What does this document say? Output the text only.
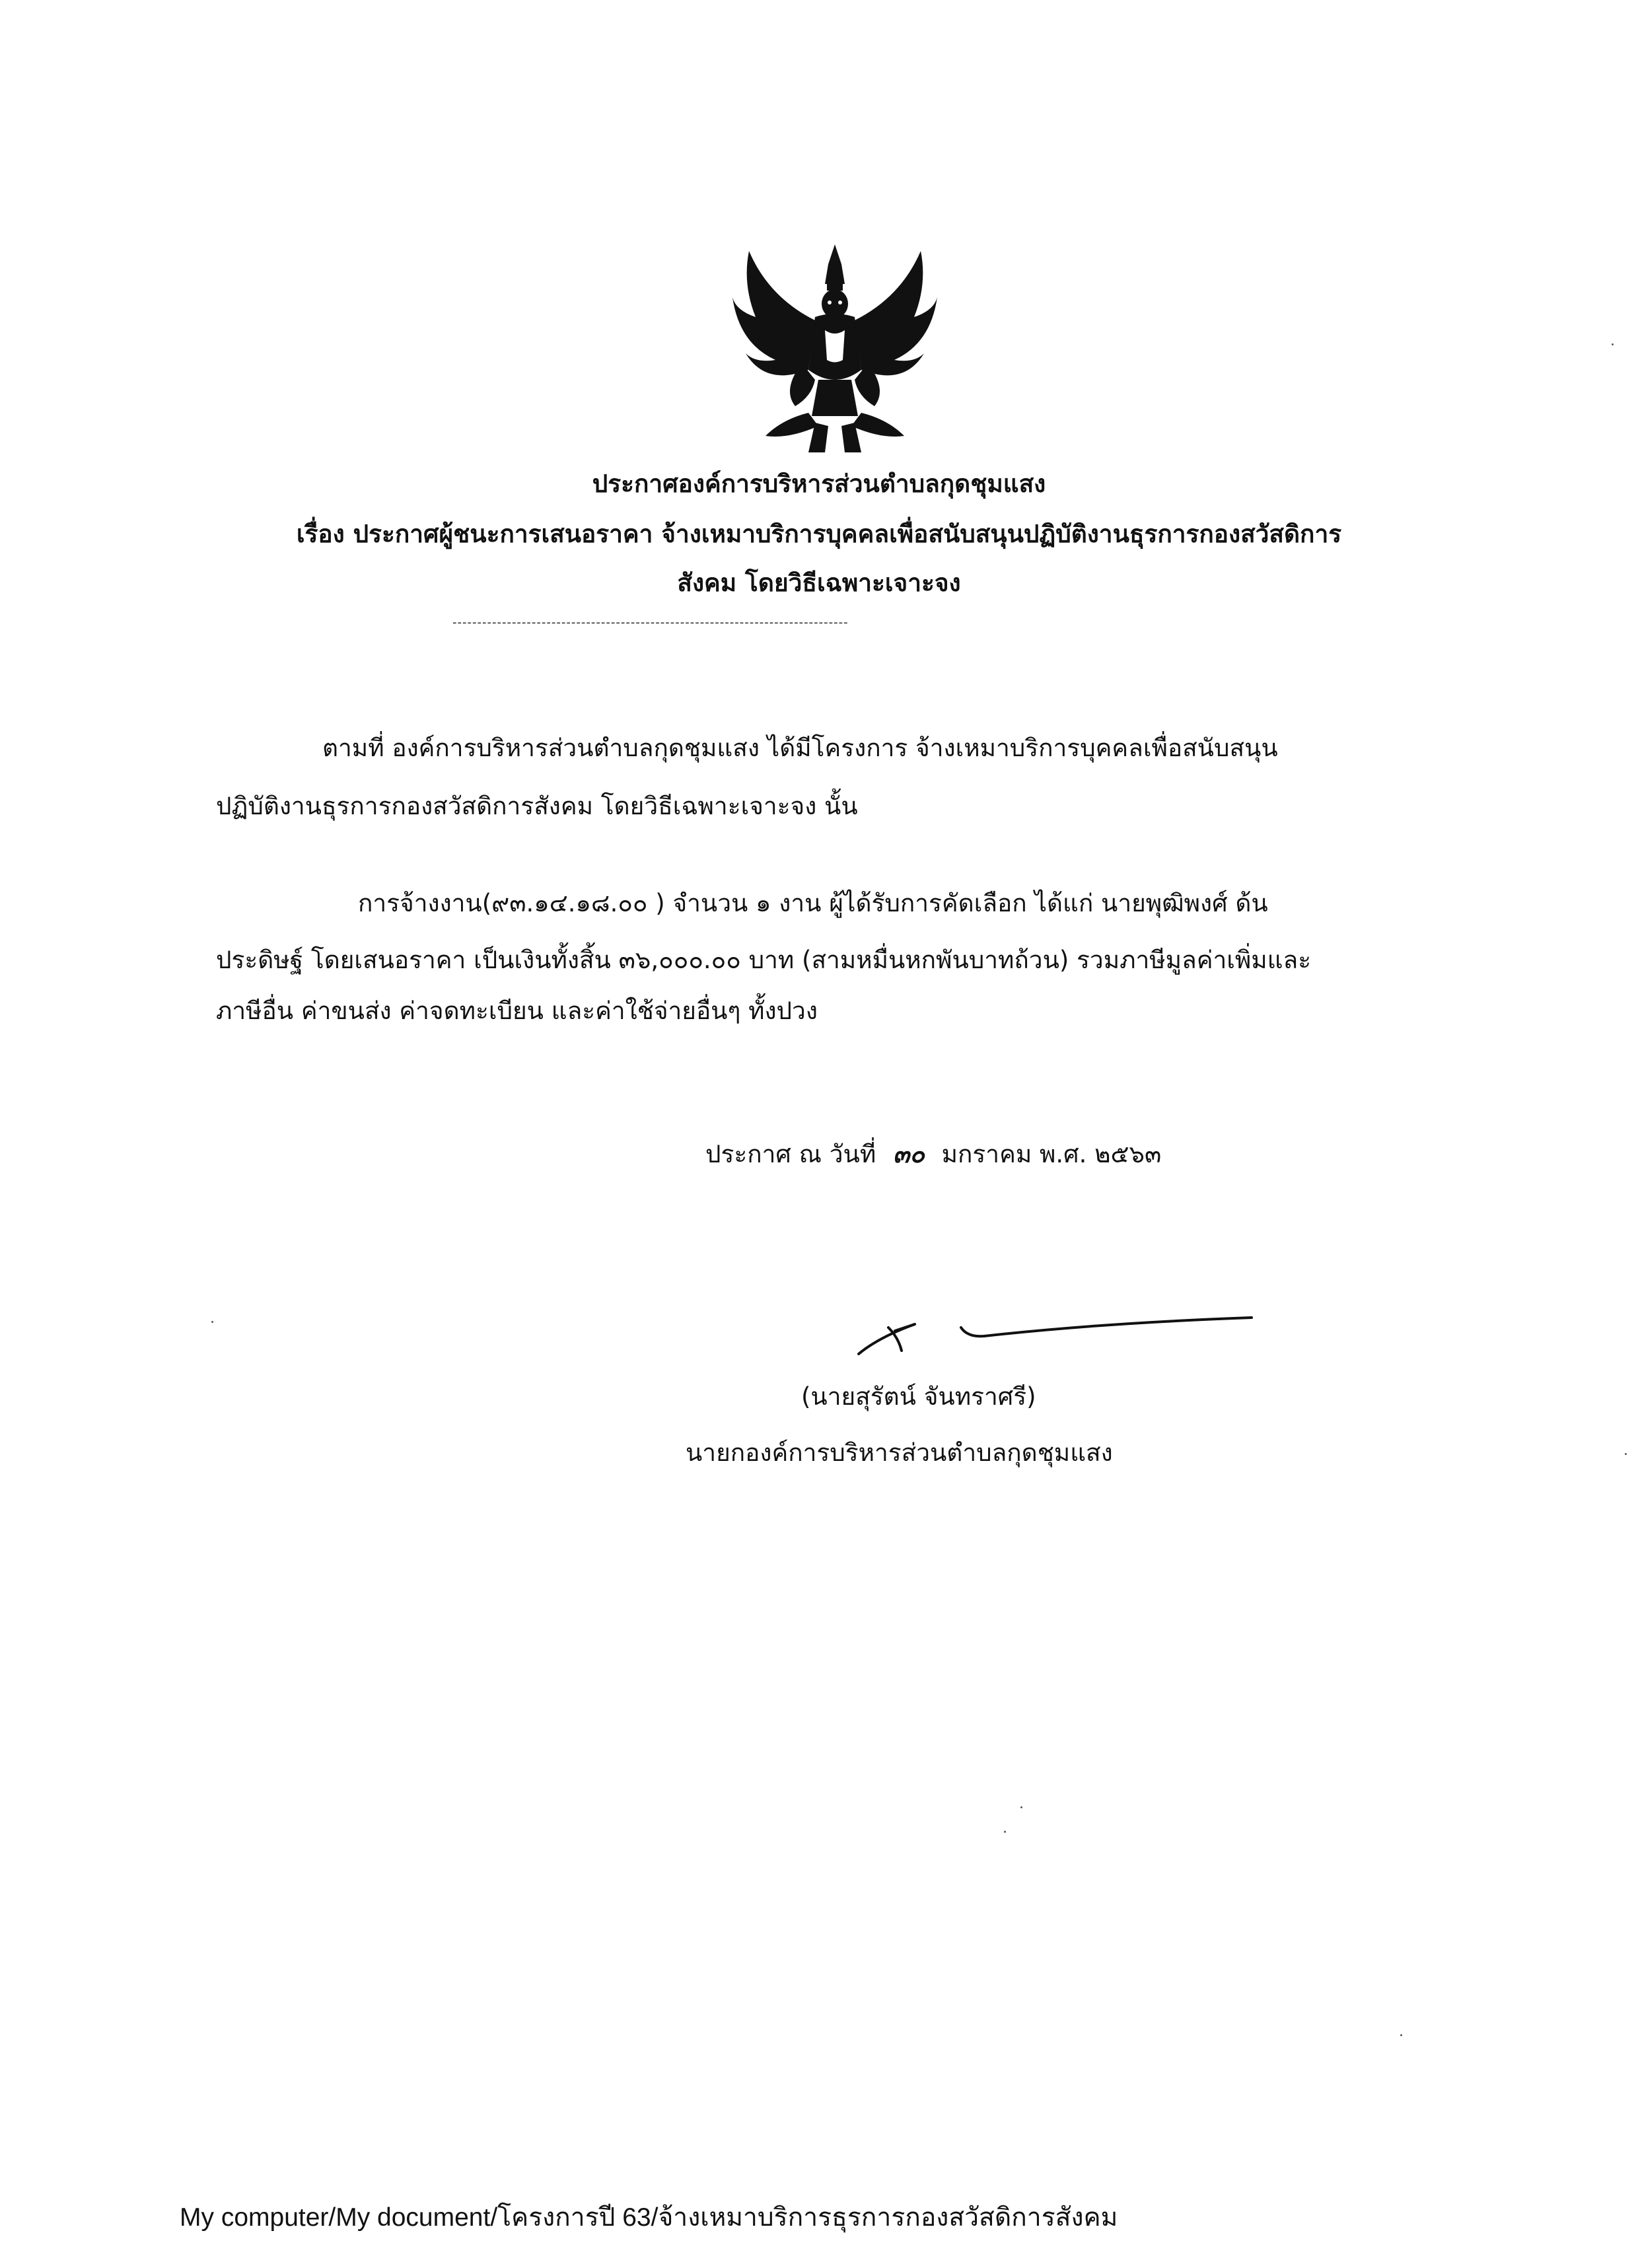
ประกาศองค์การบริหารส่วนตำบลกุดชุมแสง
เรื่อง ประกาศผู้ชนะการเสนอราคา จ้างเหมาบริการบุคคลเพื่อสนับสนุนปฏิบัติงานธุรการกองสวัสดิการ
สังคม โดยวิธีเฉพาะเจาะจง
--------------------------------------------------------------------------------
ตามที่ องค์การบริหารส่วนตำบลกุดชุมแสง ได้มีโครงการ จ้างเหมาบริการบุคคลเพื่อสนับสนุน
ปฏิบัติงานธุรการกองสวัสดิการสังคม โดยวิธีเฉพาะเจาะจง นั้น
การจ้างงาน(๙๓.๑๔.๑๘.๐๐ ) จำนวน ๑ งาน ผู้ได้รับการคัดเลือก ได้แก่ นายพุฒิพงศ์ ด้น
ประดิษฐ์ โดยเสนอราคา เป็นเงินทั้งสิ้น ๓๖,๐๐๐.๐๐ บาท (สามหมื่นหกพันบาทถ้วน) รวมภาษีมูลค่าเพิ่มและ
ภาษีอื่น ค่าขนส่ง ค่าจดทะเบียน และค่าใช้จ่ายอื่นๆ ทั้งปวง
ประกาศ ณ วันที่ ๓๐ มกราคม พ.ศ. ๒๕๖๓
(นายสุรัตน์ จันทราศรี)
นายกองค์การบริหารส่วนตำบลกุดชุมแสง
My computer/My document/โครงการปี 63/จ้างเหมาบริการธุรการกองสวัสดิการสังคม
